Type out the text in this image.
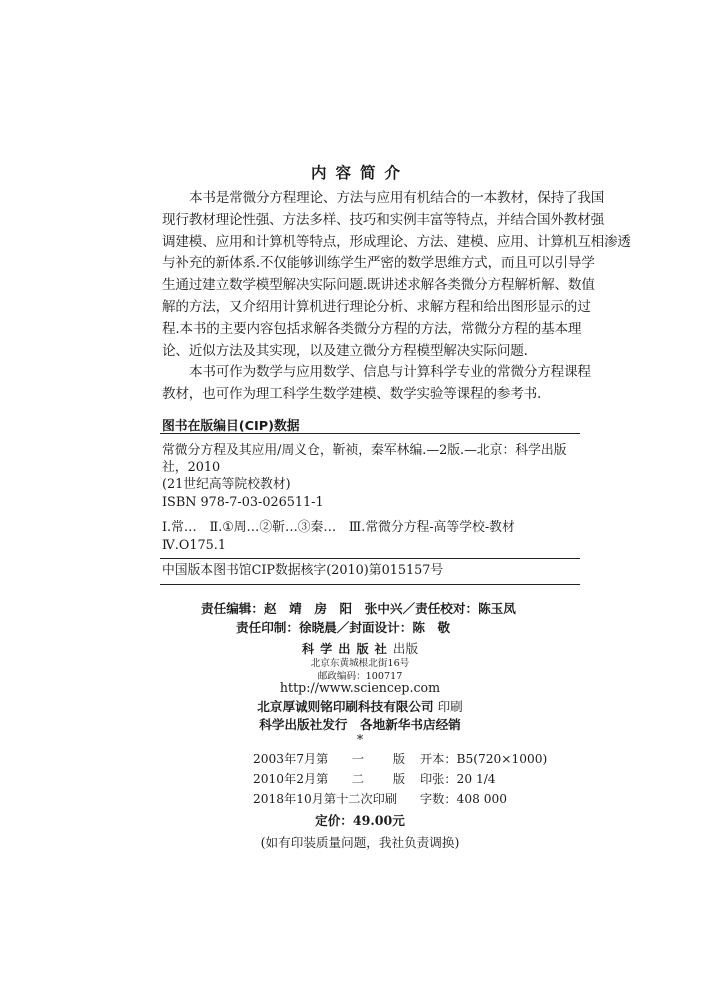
内容简介

本书是常微分方程理论、方法与应用有机结合的一本教材，保持了我国

现行教材理论性强、方法多样、技巧和实例丰富等特点，并结合国外教材强

调建模、应用和计算机等特点，形成理论、方法、建模、应用、计算机互相渗透

与补充的新体系.不仅能够训练学生严密的数学思维方式，而且可以引导学

生通过建立数学模型解决实际问题.既讲述求解各类微分方程解析解、数值

解的方法，又介绍用计算机进行理论分析、求解方程和给出图形显示的过

程.本书的主要内容包括求解各类微分方程的方法，常微分方程的基本理

论、近似方法及其实现，以及建立微分方程模型解决实际问题.

本书可作为数学与应用数学、信息与计算科学专业的常微分方程课程

教材，也可作为理工科学生数学建模、数学实验等课程的参考书.

图书在版编目(CIP)数据
常微分方程及其应用/周义仓，靳祯，秦军林编.—2版.—北京：科学出版
社，2010
(21世纪高等院校教材)
ISBN 978-7-03-026511-1
Ⅰ.常…　Ⅱ.①周…②靳…③秦…　Ⅲ.常微分方程-高等学校-教材
Ⅳ.O175.1
中国版本图书馆CIP数据核字(2010)第015157号
责任编辑：赵　靖　房　阳　张中兴／责任校对：陈玉凤
责任印制：徐晓晨／封面设计：陈　敬
科学出版社出版
北京东黄城根北街16号
邮政编码：100717
http://www.sciencep.com
北京厚诚则铭印刷科技有限公司 印刷
科学出版社发行　各地新华书店经销
*
2003年7月第 一 版 开本：B5(720×1000)
2010年2月第 二 版 印张：20 1/4
2018年10月第十二次印刷 字数：408 000
定价：49.00元
(如有印装质量问题，我社负责调换)
